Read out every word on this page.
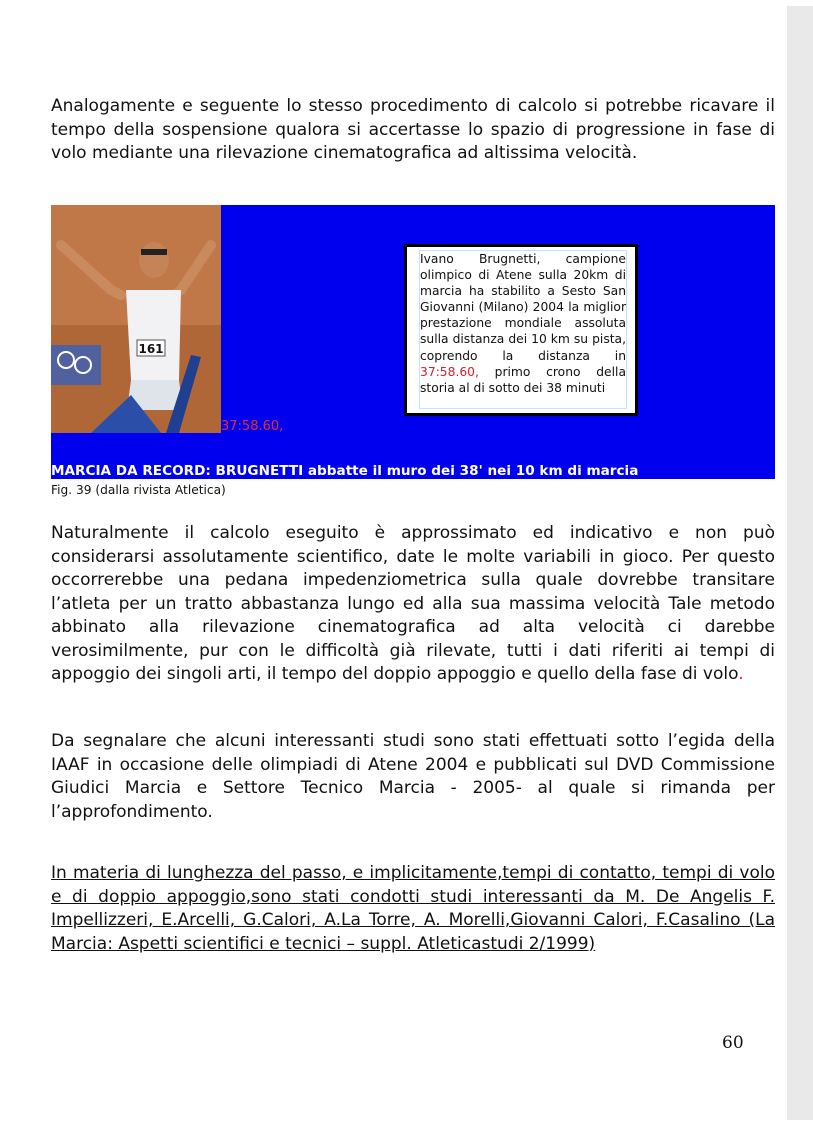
Analogamente e seguente lo stesso procedimento di calcolo si potrebbe ricavare il tempo della sospensione qualora si accertasse lo spazio di progressione in fase di volo mediante una rilevazione cinematografica ad altissima velocità.

161
37:58.60,

Ivano Brugnetti, campione olimpico di Atene sulla 20km di marcia ha stabilito a Sesto San Giovanni (Milano) 2004 la miglior prestazione mondiale assoluta sulla distanza dei 10 km su pista, coprendo la distanza in 37:58.60, primo crono della storia al di sotto dei 38 minuti

MARCIA DA RECORD: BRUGNETTI abbatte il muro dei 38' nei 10 km di marcia
Fig. 39 (dalla rivista Atletica)

Naturalmente il calcolo eseguito è approssimato ed indicativo e non può considerarsi assolutamente scientifico, date le molte variabili in gioco. Per questo occorrerebbe una pedana impedenziometrica sulla quale dovrebbe transitare l’atleta per un tratto abbastanza lungo ed alla sua massima velocità Tale metodo abbinato alla rilevazione cinematografica ad alta velocità ci darebbe verosimilmente, pur con le difficoltà già rilevate, tutti i dati riferiti ai tempi di appoggio dei singoli arti, il tempo del doppio appoggio e quello della fase di volo.

Da segnalare che alcuni interessanti studi sono stati effettuati sotto l’egida della IAAF in occasione delle olimpiadi di Atene 2004 e pubblicati sul DVD Commissione Giudici Marcia e Settore Tecnico Marcia - 2005- al quale si rimanda per l’approfondimento.

In materia di lunghezza del passo, e implicitamente,tempi di contatto, tempi di volo e di doppio appoggio,sono stati condotti studi interessanti da M. De Angelis F. Impellizzeri, E.Arcelli, G.Calori, A.La Torre, A. Morelli,Giovanni Calori, F.Casalino (La Marcia: Aspetti scientifici e tecnici – suppl. Atleticastudi 2/1999)

60
